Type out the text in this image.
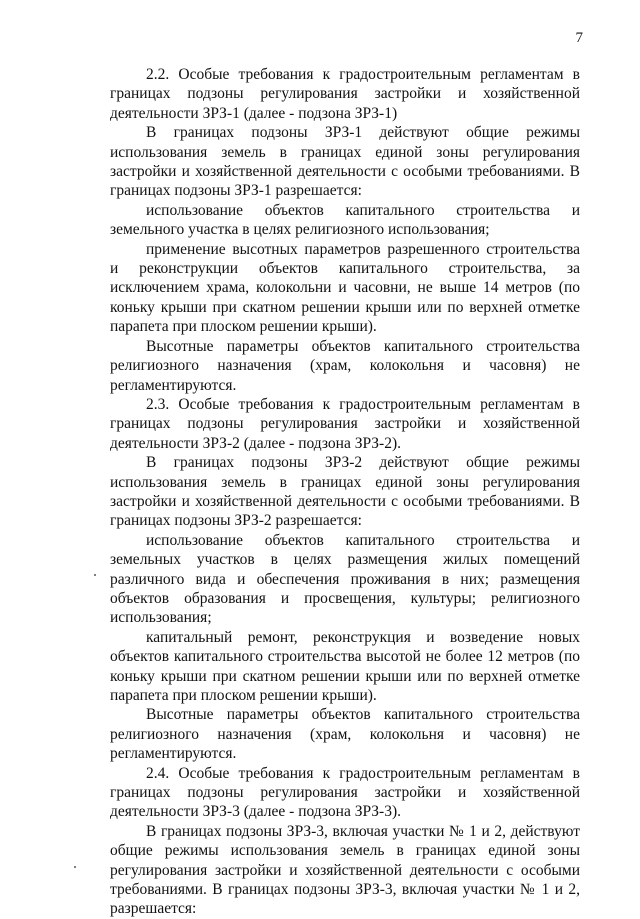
7

2.2. Особые требования к градостроительным регламентам в границах подзоны регулирования застройки и хозяйственной деятельности ЗРЗ-1 (далее - подзона ЗРЗ-1)

В границах подзоны ЗРЗ-1 действуют общие режимы использования земель в границах единой зоны регулирования застройки и хозяйственной деятельности с особыми требованиями. В границах подзоны ЗРЗ-1 разрешается:

использование объектов капитального строительства и земельного участка в целях религиозного использования;

применение высотных параметров разрешенного строительства и реконструкции объектов капитального строительства, за исключением храма, колокольни и часовни, не выше 14 метров (по коньку крыши при скатном решении крыши или по верхней отметке парапета при плоском решении крыши).

Высотные параметры объектов капитального строительства религиозного назначения (храм, колокольня и часовня) не регламентируются.

2.3. Особые требования к градостроительным регламентам в границах подзоны регулирования застройки и хозяйственной деятельности ЗРЗ-2 (далее - подзона ЗРЗ-2).

В границах подзоны ЗРЗ-2 действуют общие режимы использования земель в границах единой зоны регулирования застройки и хозяйственной деятельности с особыми требованиями. В границах подзоны ЗРЗ-2 разрешается:

использование объектов капитального строительства и земельных участков в целях размещения жилых помещений различного вида и обеспечения проживания в них; размещения объектов образования и просвещения, культуры; религиозного использования;

капитальный ремонт, реконструкция и возведение новых объектов капитального строительства высотой не более 12 метров (по коньку крыши при скатном решении крыши или по верхней отметке парапета при плоском решении крыши).

Высотные параметры объектов капитального строительства религиозного назначения (храм, колокольня и часовня) не регламентируются.

2.4. Особые требования к градостроительным регламентам в границах подзоны регулирования застройки и хозяйственной деятельности ЗРЗ-3 (далее - подзона ЗРЗ-3).

В границах подзоны ЗРЗ-3, включая участки № 1 и 2, действуют общие режимы использования земель в границах единой зоны регулирования застройки и хозяйственной деятельности с особыми требованиями. В границах подзоны ЗРЗ-3, включая участки № 1 и 2, разрешается:
